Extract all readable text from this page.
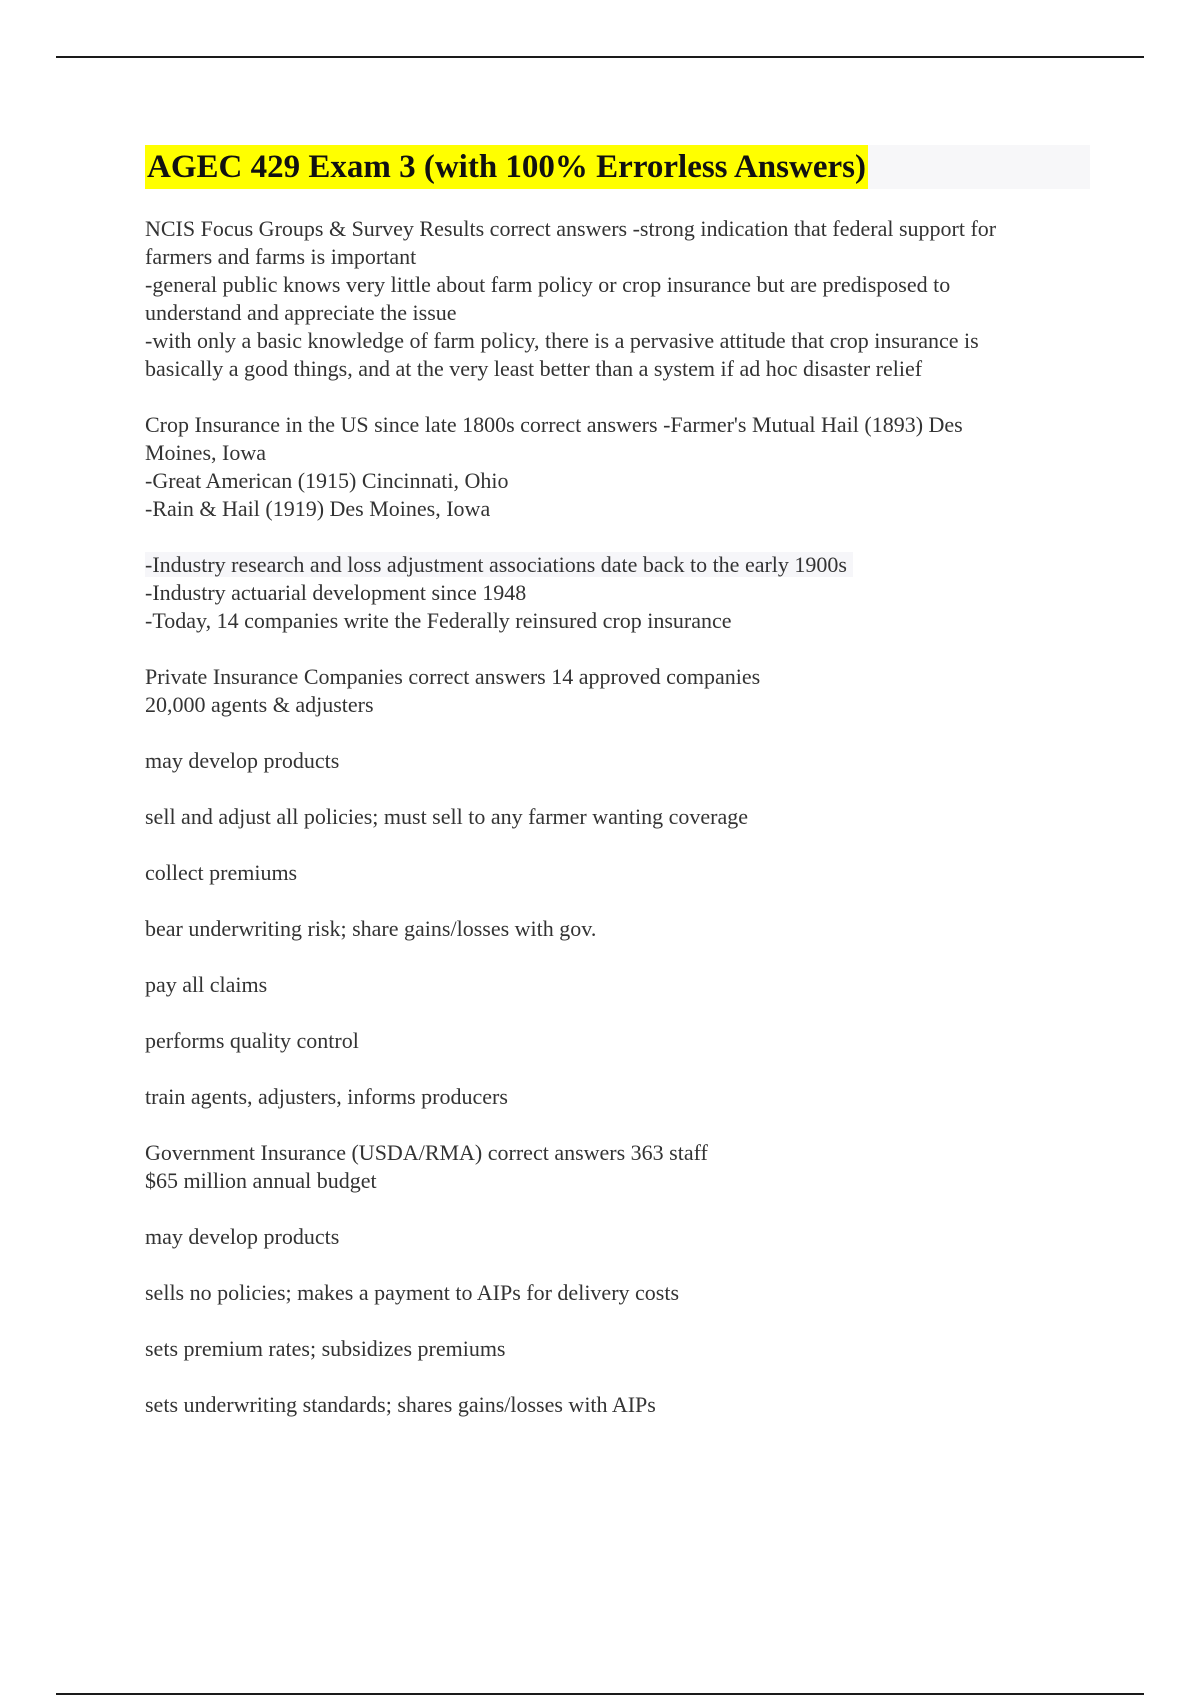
AGEC 429 Exam 3 (with 100% Errorless Answers)
NCIS Focus Groups & Survey Results correct answers -strong indication that federal support for
farmers and farms is important
-general public knows very little about farm policy or crop insurance but are predisposed to
understand and appreciate the issue
-with only a basic knowledge of farm policy, there is a pervasive attitude that crop insurance is
basically a good things, and at the very least better than a system if ad hoc disaster relief
Crop Insurance in the US since late 1800s correct answers -Farmer's Mutual Hail (1893) Des
Moines, Iowa
-Great American (1915) Cincinnati, Ohio
-Rain & Hail (1919) Des Moines, Iowa
-Industry research and loss adjustment associations date back to the early 1900s
-Industry actuarial development since 1948
-Today, 14 companies write the Federally reinsured crop insurance
Private Insurance Companies correct answers 14 approved companies
20,000 agents & adjusters
may develop products
sell and adjust all policies; must sell to any farmer wanting coverage
collect premiums
bear underwriting risk; share gains/losses with gov.
pay all claims
performs quality control
train agents, adjusters, informs producers
Government Insurance (USDA/RMA) correct answers 363 staff
$65 million annual budget
may develop products
sells no policies; makes a payment to AIPs for delivery costs
sets premium rates; subsidizes premiums
sets underwriting standards; shares gains/losses with AIPs
